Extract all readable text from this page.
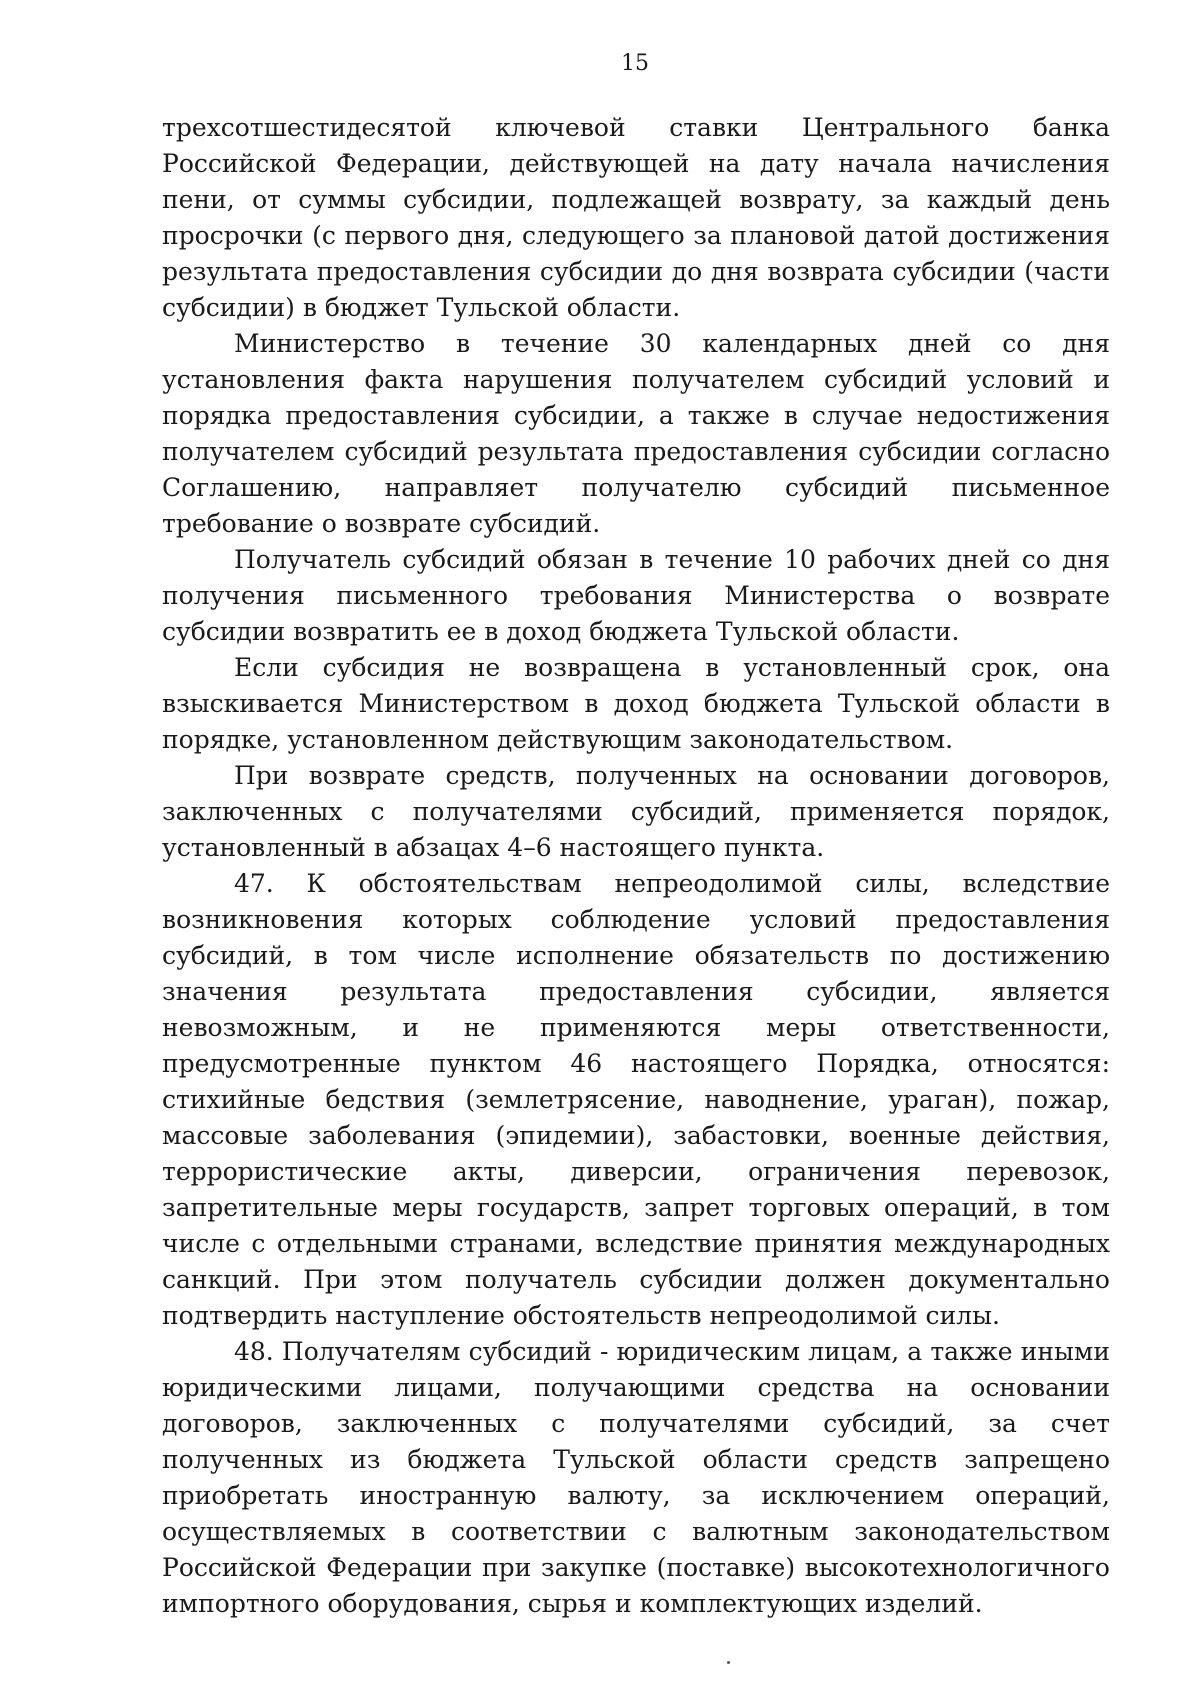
15

трехсотшестидесятой ключевой ставки Центрального банка Российской Федерации, действующей на дату начала начисления пени, от суммы субсидии, подлежащей возврату, за каждый день просрочки (с первого дня, следующего за плановой датой достижения результата предоставления субсидии до дня возврата субсидии (части субсидии) в бюджет Тульской области.

Министерство в течение 30 календарных дней со дня установления факта нарушения получателем субсидий условий и порядка предоставления субсидии, а также в случае недостижения получателем субсидий результата предоставления субсидии согласно Соглашению, направляет получателю субсидий письменное требование о возврате субсидий.

Получатель субсидий обязан в течение 10 рабочих дней со дня получения письменного требования Министерства о возврате субсидии возвратить ее в доход бюджета Тульской области.

Если субсидия не возвращена в установленный срок, она взыскивается Министерством в доход бюджета Тульской области в порядке, установленном действующим законодательством.

При возврате средств, полученных на основании договоров, заключенных с получателями субсидий, применяется порядок, установленный в абзацах 4–6 настоящего пункта.

47. К обстоятельствам непреодолимой силы, вследствие возникновения которых соблюдение условий предоставления субсидий, в том числе исполнение обязательств по достижению значения результата предоставления субсидии, является невозможным, и не применяются меры ответственности, предусмотренные пунктом 46 настоящего Порядка, относятся: стихийные бедствия (землетрясение, наводнение, ураган), пожар, массовые заболевания (эпидемии), забастовки, военные действия, террористические акты, диверсии, ограничения перевозок, запретительные меры государств, запрет торговых операций, в том числе с отдельными странами, вследствие принятия международных санкций. При этом получатель субсидии должен документально подтвердить наступление обстоятельств непреодолимой силы.

48. Получателям субсидий - юридическим лицам, а также иными юридическими лицами, получающими средства на основании договоров, заключенных с получателями субсидий, за счет полученных из бюджета Тульской области средств запрещено приобретать иностранную валюту, за исключением операций, осуществляемых в соответствии с валютным законодательством Российской Федерации при закупке (поставке) высокотехнологичного импортного оборудования, сырья и комплектующих изделий.
